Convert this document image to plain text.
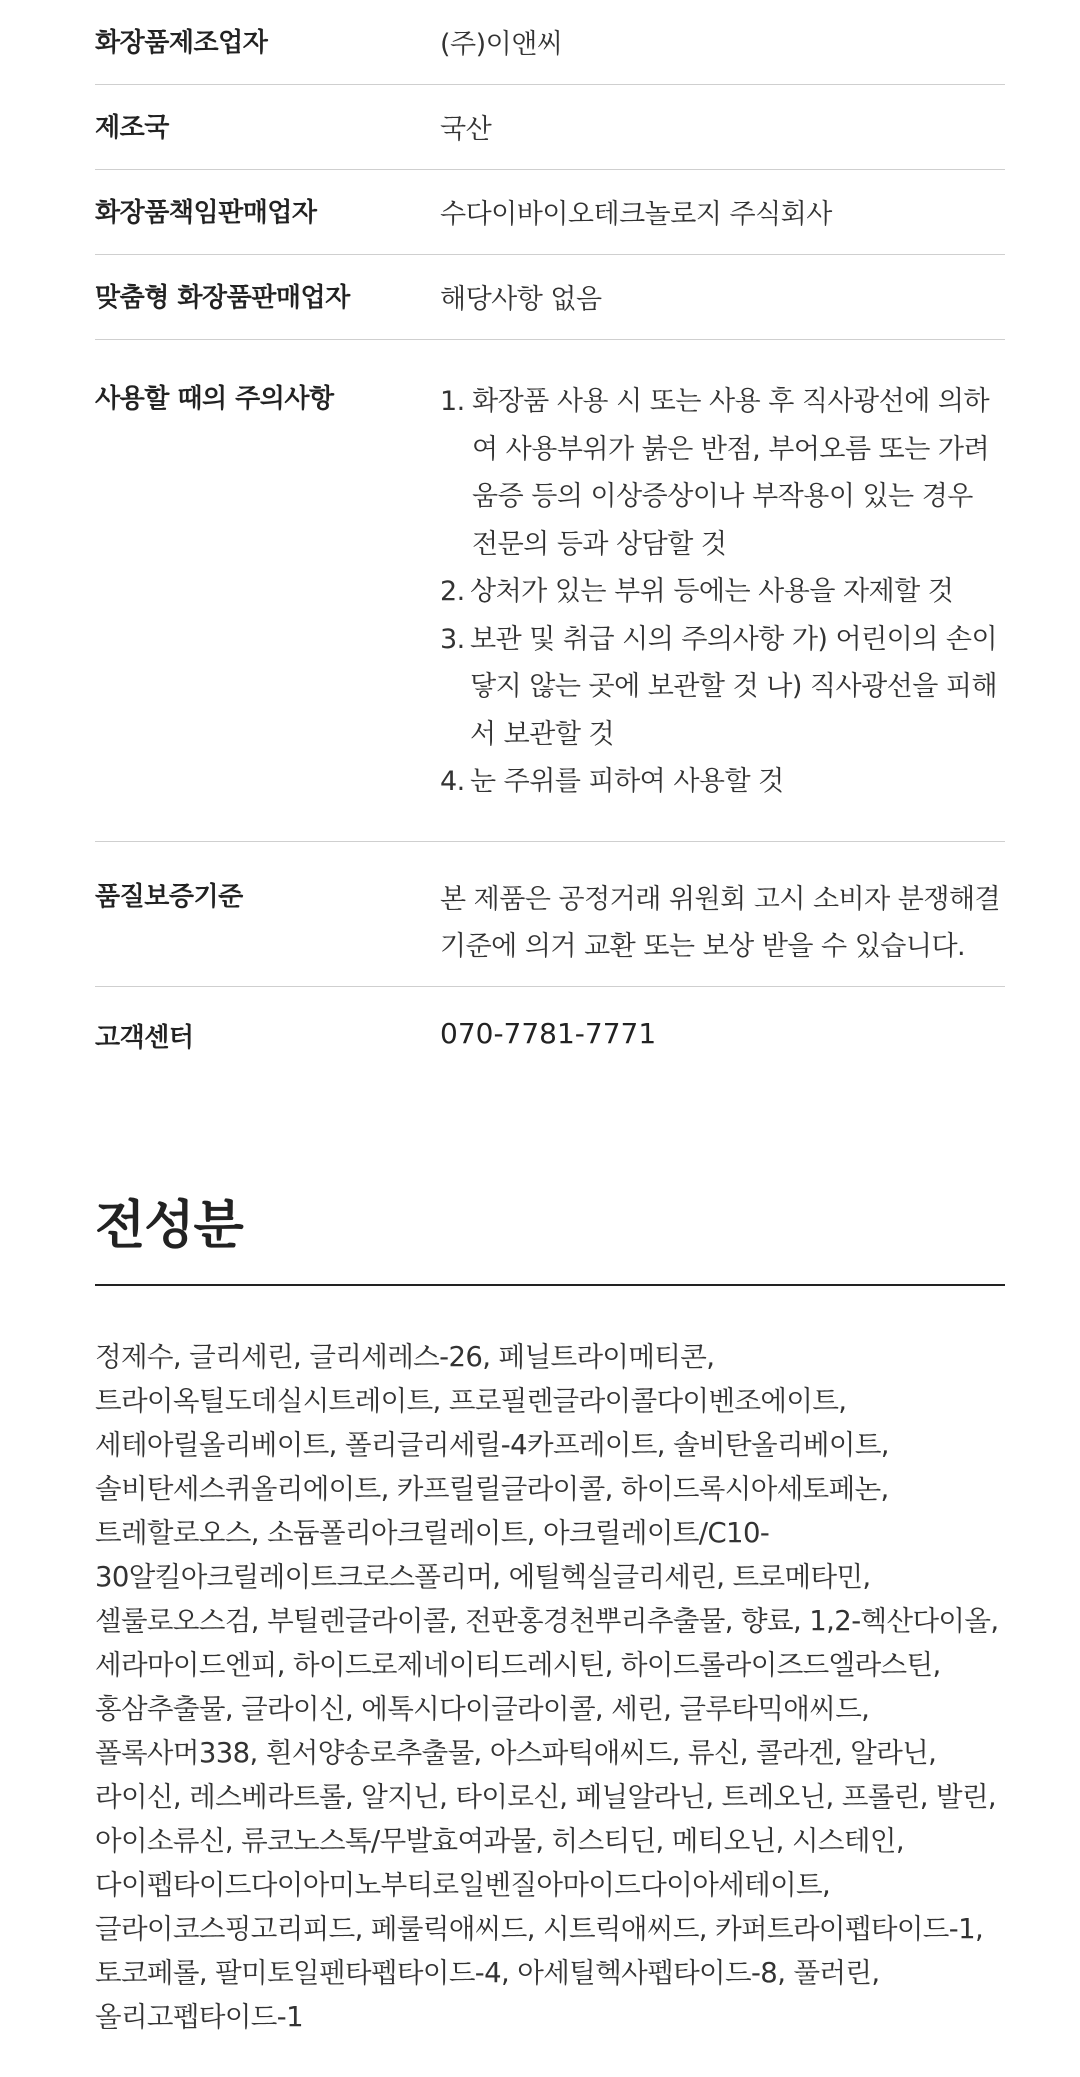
화장품제조업자	(주)이앤씨
제조국	국산
화장품책임판매업자	수다이바이오테크놀로지 주식회사
맞춤형 화장품판매업자	해당사항 없음
사용할 때의 주의사항	1. 화장품 사용 시 또는 사용 후 직사광선에 의하여 사용부위가 붉은 반점, 부어오름 또는 가려움증 등의 이상증상이나 부작용이 있는 경우 전문의 등과 상담할 것
2. 상처가 있는 부위 등에는 사용을 자제할 것
3. 보관 및 취급 시의 주의사항 가) 어린이의 손이 닿지 않는 곳에 보관할 것 나) 직사광선을 피해서 보관할 것
4. 눈 주위를 피하여 사용할 것
품질보증기준	본 제품은 공정거래 위원회 고시 소비자 분쟁해결 기준에 의거 교환 또는 보상 받을 수 있습니다.
고객센터	070-7781-7771
전성분

정제수, 글리세린, 글리세레스-26, 페닐트라이메티콘, 트라이옥틸도데실시트레이트, 프로필렌글라이콜다이벤조에이트, 세테아릴올리베이트, 폴리글리세릴-4카프레이트, 솔비탄올리베이트, 솔비탄세스퀴올리에이트, 카프릴릴글라이콜, 하이드록시아세토페논, 트레할로오스, 소듐폴리아크릴레이트, 아크릴레이트/C10-30알킬아크릴레이트크로스폴리머, 에틸헥실글리세린, 트로메타민, 셀룰로오스검, 부틸렌글라이콜, 전판홍경천뿌리추출물, 향료, 1,2-헥산다이올, 세라마이드엔피, 하이드로제네이티드레시틴, 하이드롤라이즈드엘라스틴, 홍삼추출물, 글라이신, 에톡시다이글라이콜, 세린, 글루타믹애씨드, 폴록사머338, 흰서양송로추출물, 아스파틱애씨드, 류신, 콜라겐, 알라닌, 라이신, 레스베라트롤, 알지닌, 타이로신, 페닐알라닌, 트레오닌, 프롤린, 발린, 아이소류신, 류코노스톡/무발효여과물, 히스티딘, 메티오닌, 시스테인, 다이펩타이드다이아미노부티로일벤질아마이드다이아세테이트, 글라이코스핑고리피드, 페룰릭애씨드, 시트릭애씨드, 카퍼트라이펩타이드-1, 토코페롤, 팔미토일펜타펩타이드-4, 아세틸헥사펩타이드-8, 풀러린, 올리고펩타이드-1
